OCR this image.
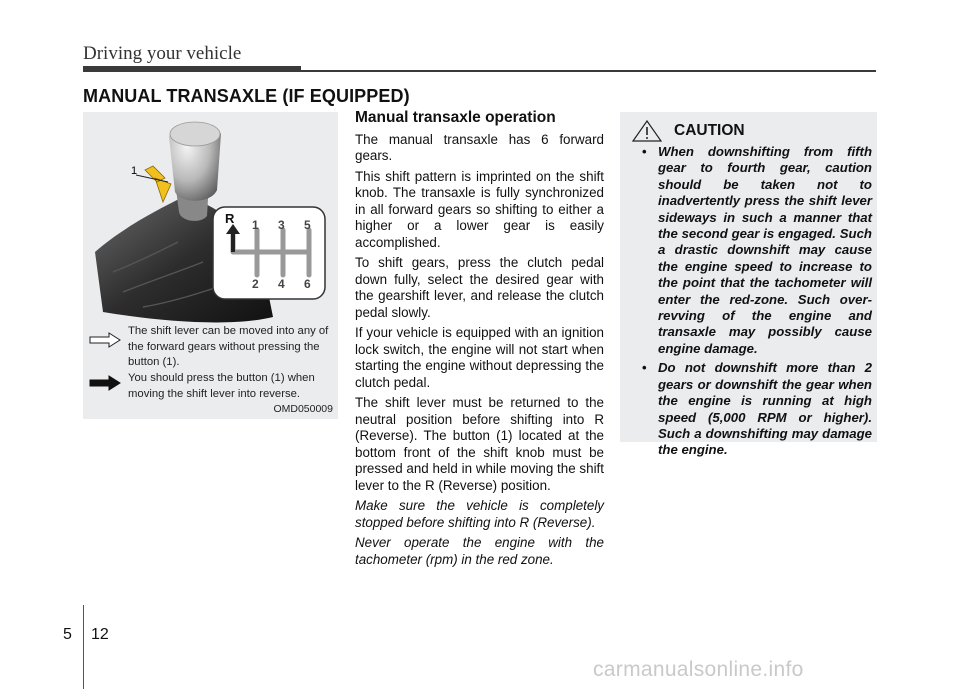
Driving your vehicle
MANUAL TRANSAXLE (IF EQUIPPED)
1
R 1 3 5
2 4 6
The shift lever can be moved into any of the forward gears without pressing the button (1).
You should press the button (1) when moving the shift lever into reverse.
OMD050009
Manual transaxle operation

The manual transaxle has 6 forward gears.

This shift pattern is imprinted on the shift knob. The transaxle is fully synchronized in all forward gears so shifting to either a higher or a lower gear is easily accomplished.

To shift gears, press the clutch pedal down fully, select the desired gear with the gearshift lever, and release the clutch pedal slowly.

If your vehicle is equipped with an ignition lock switch, the engine will not start when starting the engine without depressing the clutch pedal.

The shift lever must be returned to the neutral position before shifting into R (Reverse). The button (1) located at the bottom front of the shift knob must be pressed and held in while moving the shift lever to the R (Reverse) position.

Make sure the vehicle is completely stopped before shifting into R (Reverse).

Never operate the engine with the tachometer (rpm) in the red zone.

CAUTION
• When downshifting from fifth gear to fourth gear, caution should be taken not to inadvertently press the shift lever sideways in such a manner that the second gear is engaged. Such a drastic downshift may cause the engine speed to increase to the point that the tachometer will enter the red-zone. Such over-revving of the engine and transaxle may possibly cause engine damage.
• Do not downshift more than 2 gears or downshift the gear when the engine is running at high speed (5,000 RPM or higher). Such a downshifting may damage the engine.
5 12
carmanualsonline.info
